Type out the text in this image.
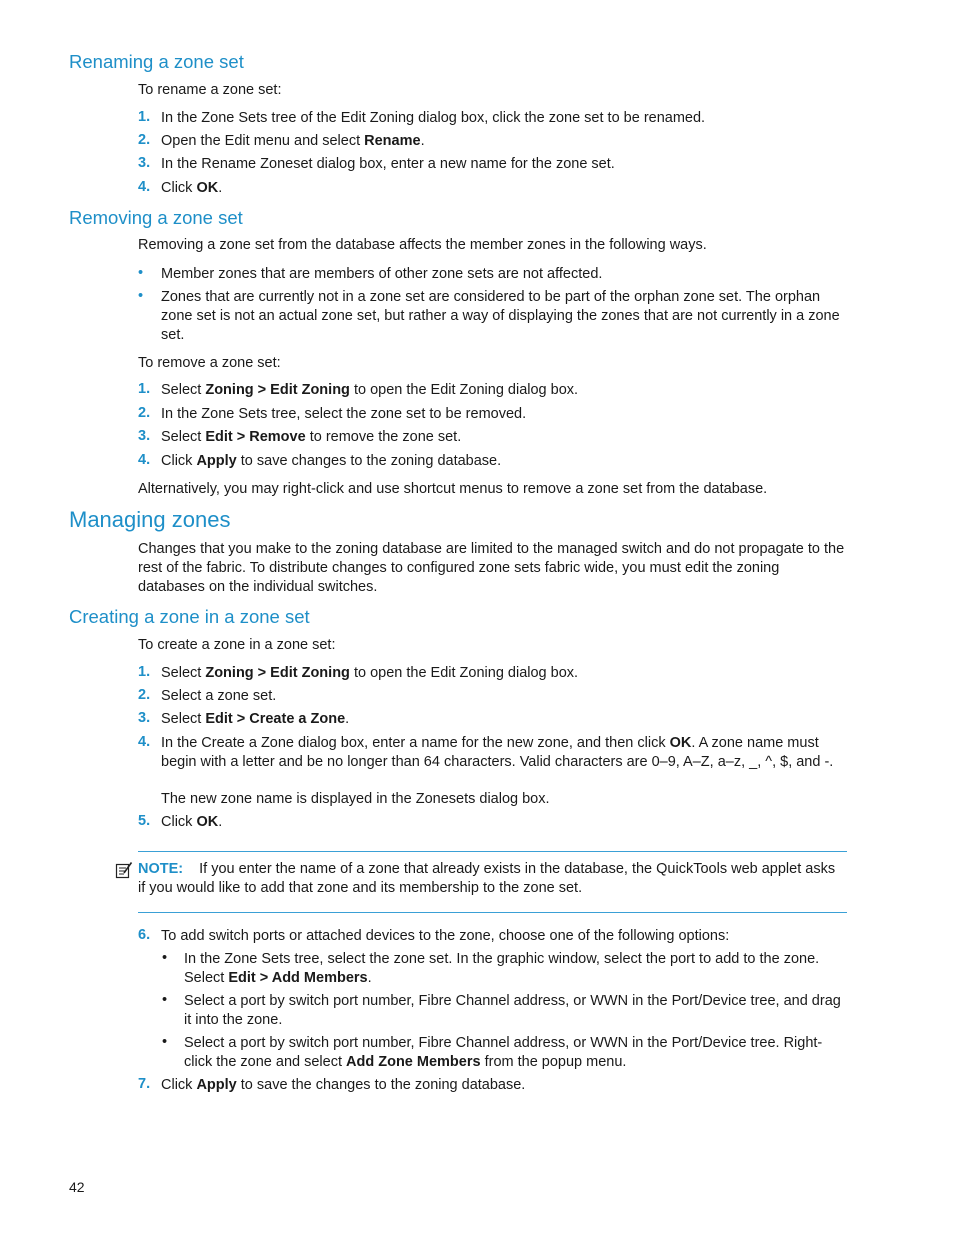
Renaming a zone set
To rename a zone set:
1. In the Zone Sets tree of the Edit Zoning dialog box, click the zone set to be renamed.
2. Open the Edit menu and select Rename.
3. In the Rename Zoneset dialog box, enter a new name for the zone set.
4. Click OK.
Removing a zone set
Removing a zone set from the database affects the member zones in the following ways.
• Member zones that are members of other zone sets are not affected.
• Zones that are currently not in a zone set are considered to be part of the orphan zone set. The orphan zone set is not an actual zone set, but rather a way of displaying the zones that are not currently in a zone set.
To remove a zone set:
1. Select Zoning > Edit Zoning to open the Edit Zoning dialog box.
2. In the Zone Sets tree, select the zone set to be removed.
3. Select Edit > Remove to remove the zone set.
4. Click Apply to save changes to the zoning database.
Alternatively, you may right-click and use shortcut menus to remove a zone set from the database.
Managing zones
Changes that you make to the zoning database are limited to the managed switch and do not propagate to the rest of the fabric. To distribute changes to configured zone sets fabric wide, you must edit the zoning databases on the individual switches.
Creating a zone in a zone set
To create a zone in a zone set:
1. Select Zoning > Edit Zoning to open the Edit Zoning dialog box.
2. Select a zone set.
3. Select Edit > Create a Zone.
4. In the Create a Zone dialog box, enter a name for the new zone, and then click OK. A zone name must begin with a letter and be no longer than 64 characters. Valid characters are 0–9, A–Z, a–z, _, ^, $, and -.
The new zone name is displayed in the Zonesets dialog box.
5. Click OK.
NOTE: If you enter the name of a zone that already exists in the database, the QuickTools web applet asks if you would like to add that zone and its membership to the zone set.
6. To add switch ports or attached devices to the zone, choose one of the following options:
• In the Zone Sets tree, select the zone set. In the graphic window, select the port to add to the zone. Select Edit > Add Members.
• Select a port by switch port number, Fibre Channel address, or WWN in the Port/Device tree, and drag it into the zone.
• Select a port by switch port number, Fibre Channel address, or WWN in the Port/Device tree. Right-click the zone and select Add Zone Members from the popup menu.
7. Click Apply to save the changes to the zoning database.
42
